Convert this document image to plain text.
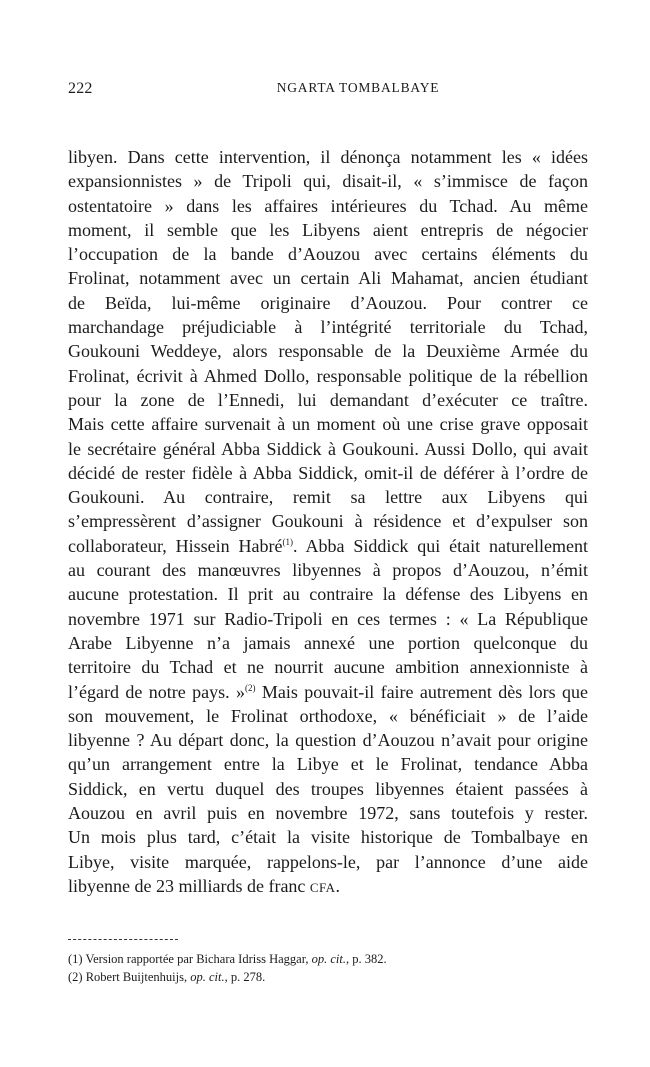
222	NGARTA TOMBALBAYE
libyen. Dans cette intervention, il dénonça notamment les « idées
expansionnistes » de Tripoli qui, disait-il, « s’immisce de façon
ostentatoire » dans les affaires intérieures du Tchad. Au même
moment, il semble que les Libyens aient entrepris de négocier
l’occupation de la bande d’Aouzou avec certains éléments du
Frolinat, notamment avec un certain Ali Mahamat, ancien étudiant
de Beïda, lui-même originaire d’Aouzou. Pour contrer ce
marchandage préjudiciable à l’intégrité territoriale du Tchad,
Goukouni Weddeye, alors responsable de la Deuxième Armée du
Frolinat, écrivit à Ahmed Dollo, responsable politique de la rébellion
pour la zone de l’Ennedi, lui demandant d’exécuter ce traître.
Mais cette affaire survenait à un moment où une crise grave opposait
le secrétaire général Abba Siddick à Goukouni. Aussi Dollo, qui avait
décidé de rester fidèle à Abba Siddick, omit-il de déférer à l’ordre de
Goukouni. Au contraire, remit sa lettre aux Libyens qui
s’empressèrent d’assigner Goukouni à résidence et d’expulser son
collaborateur, Hissein Habré$^{(1)}$. Abba Siddick qui était naturellement
au courant des manœuvres libyennes à propos d’Aouzou, n’émit
aucune protestation. Il prit au contraire la défense des Libyens en
novembre 1971 sur Radio-Tripoli en ces termes : « La République
Arabe Libyenne n’a jamais annexé une portion quelconque du
territoire du Tchad et ne nourrit aucune ambition annexionniste à
l’égard de notre pays. »$^{(2)}$ Mais pouvait-il faire autrement dès lors que
son mouvement, le Frolinat orthodoxe, « bénéficiait » de l’aide
libyenne ? Au départ donc, la question d’Aouzou n’avait pour origine
qu’un arrangement entre la Libye et le Frolinat, tendance Abba
Siddick, en vertu duquel des troupes libyennes étaient passées à
Aouzou en avril puis en novembre 1972, sans toutefois y rester.
Un mois plus tard, c’était la visite historique de Tombalbaye en
Libye, visite marquée, rappelons-le, par l’annonce d’une aide
libyenne de 23 milliards de franc CFA.
(1) Version rapportée par Bichara Idriss Haggar, op. cit., p. 382.
(2) Robert Buijtenhuijs, op. cit., p. 278.
